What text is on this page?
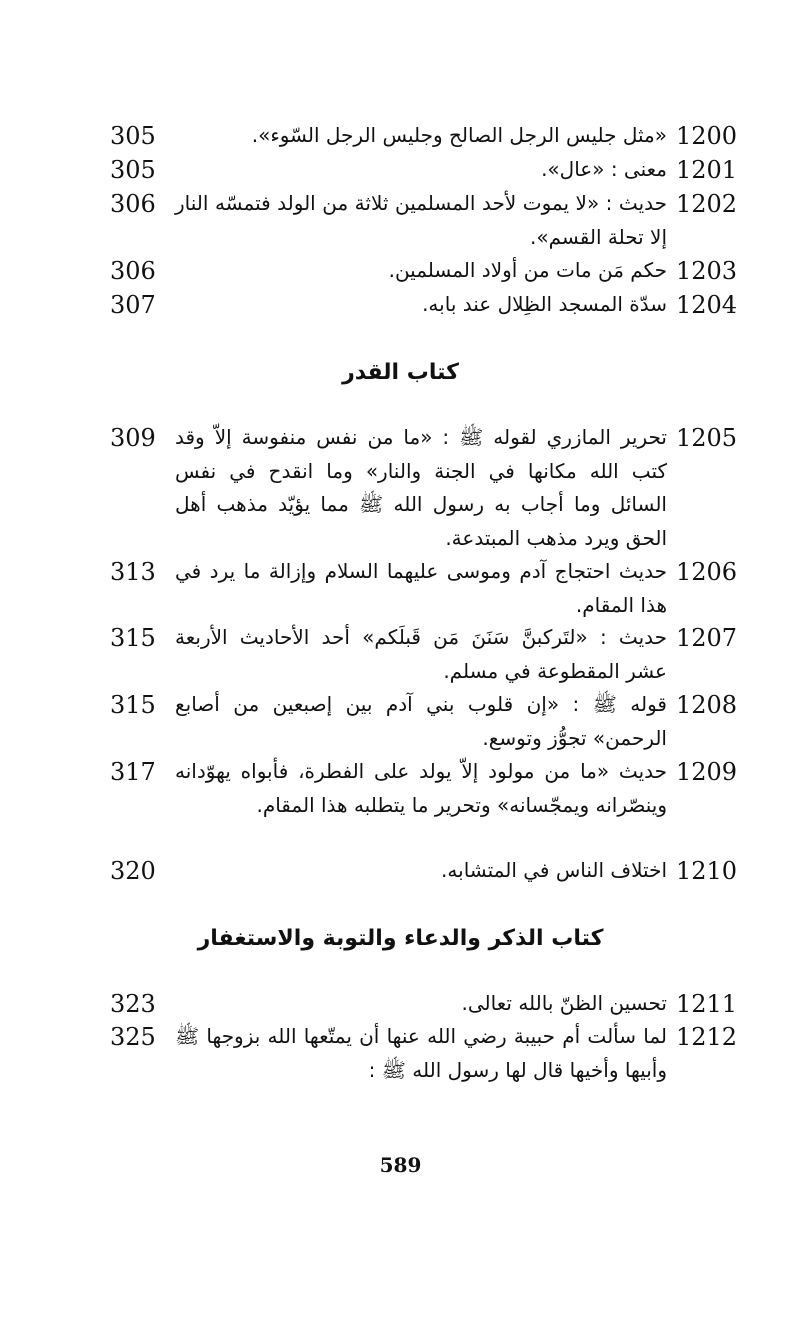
1200
«مثل جليس الرجل الصالح وجليس الرجل السّوء».
305
1201
معنى : «عال».
305
1202
حديث : «لا يموت لأحد المسلمين ثلاثة من الولد فتمسّه النار إلا تحلة القسم».
306
1203
حكم مَن مات من أولاد المسلمين.
306
1204
سدّة المسجد الظِلال عند بابه.
307
كتاب القدر
1205
تحرير المازري لقوله ﷺ : «ما من نفس منفوسة إلاّ وقد كتب الله مكانها في الجنة والنار» وما انقدح في نفس السائل وما أجاب به رسول الله ﷺ مما يؤيّد مذهب أهل الحق ويرد مذهب المبتدعة.
309
1206
حديث احتجاج آدم وموسى عليهما السلام وإزالة ما يرد في هذا المقام.
313
1207
حديث : «لتَركبنَّ سَنَنَ مَن قَبلَكم» أحد الأحاديث الأربعة عشر المقطوعة في مسلم.
315
1208
قوله ﷺ : «إن قلوب بني آدم بين إصبعين من أصابع الرحمن» تجوُّز وتوسع.
315
1209
حديث «ما من مولود إلاّ يولد على الفطرة، فأبواه يهوّدانه وينصّرانه ويمجّسانه» وتحرير ما يتطلبه هذا المقام.
317
1210
اختلاف الناس في المتشابه.
320
كتاب الذكر والدعاء والتوبة والاستغفار
1211
تحسين الظنّ بالله تعالى.
323
1212
لما سألت أم حبيبة رضي الله عنها أن يمتّعها الله بزوجها ﷺ وأبيها وأخيها قال لها رسول الله ﷺ :
325
589
